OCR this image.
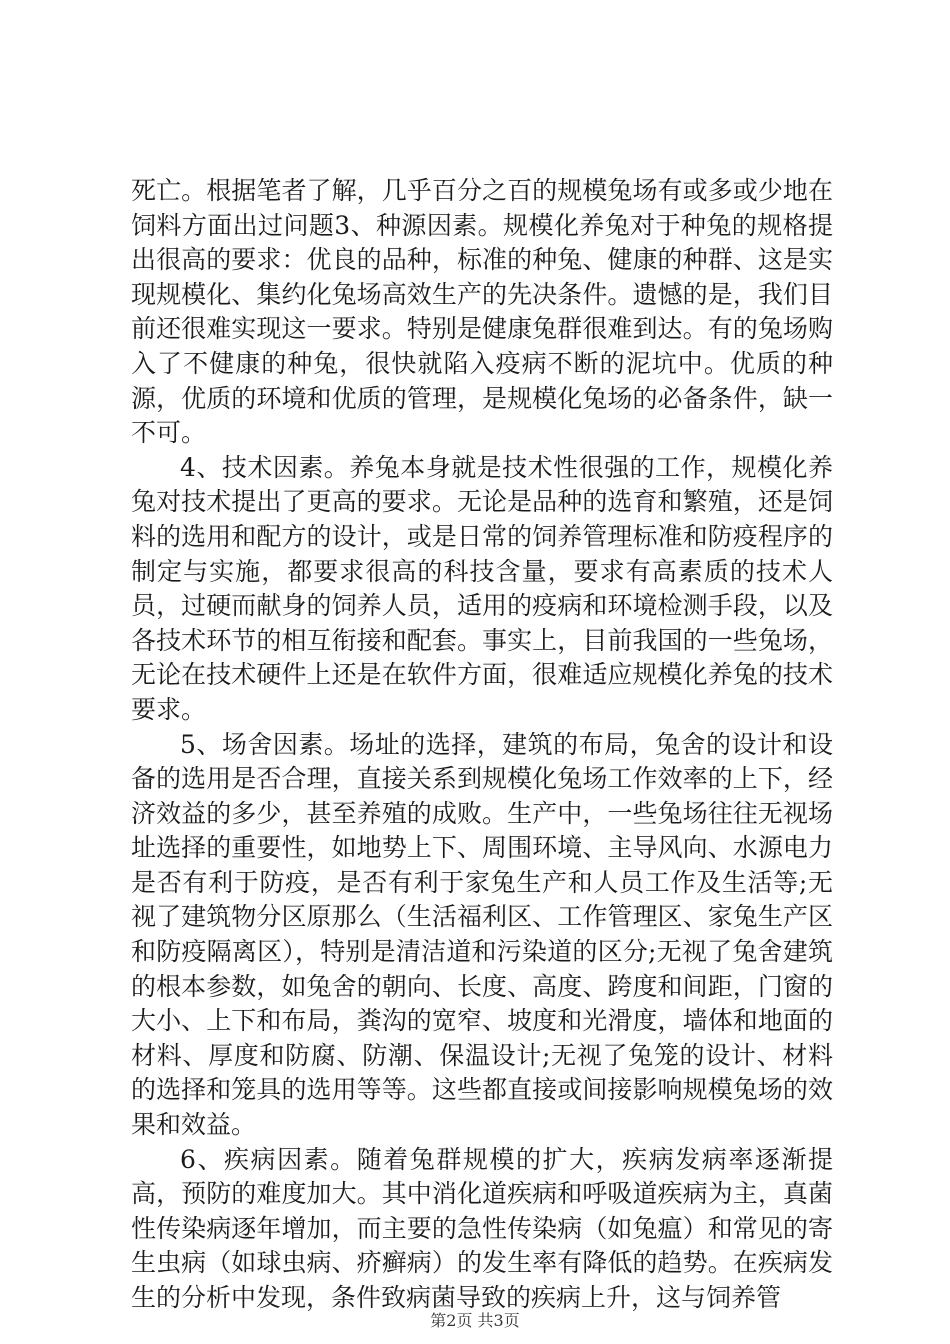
死亡。根据笔者了解，几乎百分之百的规模兔场有或多或少地在饲料方面出过问题3、种源因素。规模化养兔对于种兔的规格提出很高的要求：优良的品种，标准的种兔、健康的种群、这是实现规模化、集约化兔场高效生产的先决条件。遗憾的是，我们目前还很难实现这一要求。特别是健康兔群很难到达。有的兔场购入了不健康的种兔，很快就陷入疫病不断的泥坑中。优质的种源，优质的环境和优质的管理，是规模化兔场的必备条件，缺一不可。

4、技术因素。养兔本身就是技术性很强的工作，规模化养兔对技术提出了更高的要求。无论是品种的选育和繁殖，还是饲料的选用和配方的设计，或是日常的饲养管理标准和防疫程序的制定与实施，都要求很高的科技含量，要求有高素质的技术人员，过硬而献身的饲养人员，适用的疫病和环境检测手段，以及各技术环节的相互衔接和配套。事实上，目前我国的一些兔场，无论在技术硬件上还是在软件方面，很难适应规模化养兔的技术要求。

5、场舍因素。场址的选择，建筑的布局，兔舍的设计和设备的选用是否合理，直接关系到规模化兔场工作效率的上下，经济效益的多少，甚至养殖的成败。生产中，一些兔场往往无视场址选择的重要性，如地势上下、周围环境、主导风向、水源电力是否有利于防疫，是否有利于家兔生产和人员工作及生活等;无视了建筑物分区原那么（生活福利区、工作管理区、家兔生产区和防疫隔离区），特别是清洁道和污染道的区分;无视了兔舍建筑的根本参数，如兔舍的朝向、长度、高度、跨度和间距，门窗的大小、上下和布局，粪沟的宽窄、坡度和光滑度，墙体和地面的材料、厚度和防腐、防潮、保温设计;无视了兔笼的设计、材料的选择和笼具的选用等等。这些都直接或间接影响规模兔场的效果和效益。

6、疾病因素。随着兔群规模的扩大，疾病发病率逐渐提高，预防的难度加大。其中消化道疾病和呼吸道疾病为主，真菌性传染病逐年增加，而主要的急性传染病（如兔瘟）和常见的寄生虫病（如球虫病、疥癣病）的发生率有降低的趋势。在疾病发生的分析中发现，条件致病菌导致的疾病上升，这与饲养管

第2页 共3页
